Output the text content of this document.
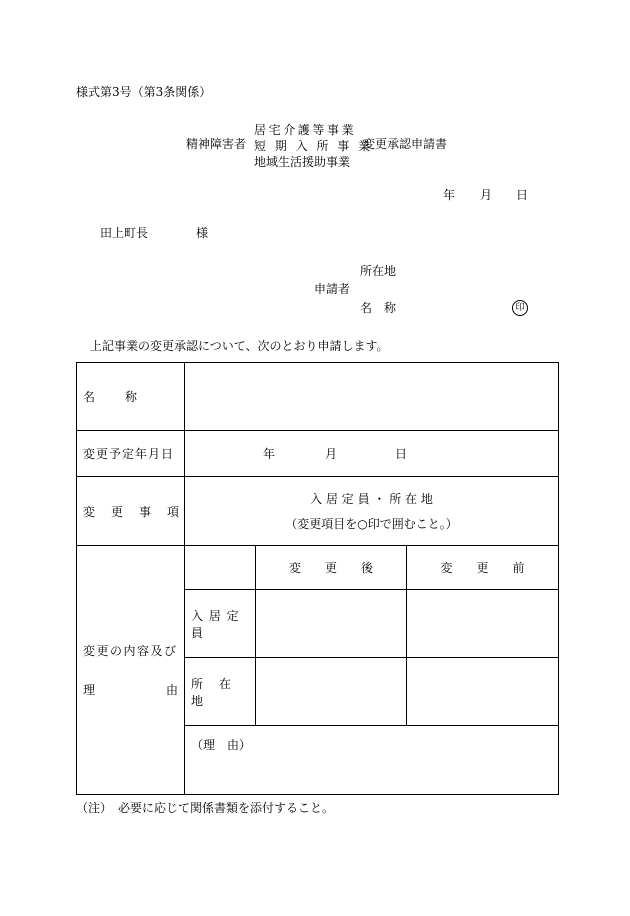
様式第3号（第3条関係）
精神障害者
居宅介護等事業
短 期 入 所 事 業
地域生活援助事業
変更承認申請書
年 月 日
田上町長	様
所在地
申請者
名　称	印
上記事業の変更承認について、次のとおり申請します。
名　　称			
変更予定年月日	年 月 日		
変　更　事　項	入 居 定 員 ・ 所 在 地
（変更項目を○印で囲むこと。）		

変更の内容及び
理 由		変　　更　　後	変　　更　　前
	入 居 定 員		
	所　在　地		

	（理　由）		
（注）　必要に応じて関係書類を添付すること。
